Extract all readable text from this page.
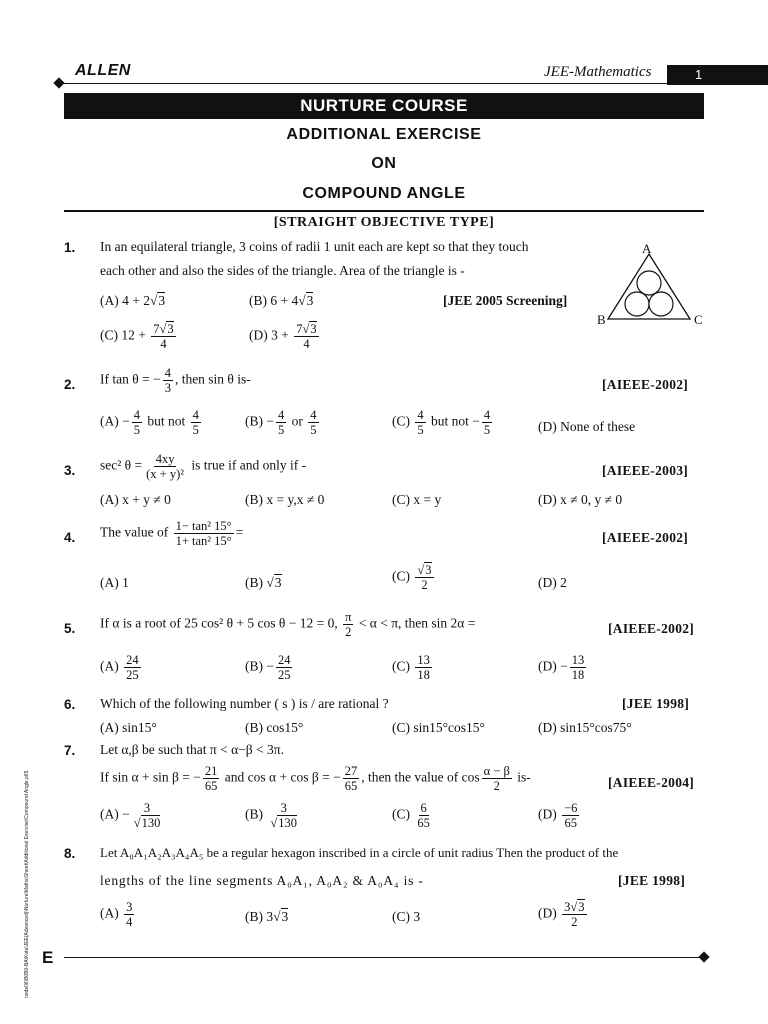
ALLEN	JEE-Mathematics	1
NURTURE COURSE
ADDITIONAL EXERCISE
ON
COMPOUND ANGLE
[STRAIGHT OBJECTIVE TYPE]
A
B	C
1. In an equilateral triangle, 3 coins of radii 1 unit each are kept so that they touch
each other and also the sides of the triangle. Area of the triangle is -
(A) 4 + 2√3	(B) 6 + 4√3	[JEE 2005 Screening]
(C) $12 + \frac{7√3}{4}$	(D) $3 + \frac{7√3}{4}$
2. If tan θ = − $\frac{4}{3}$ , then sin θ is-	[AIEEE-2002]
$(A) - \frac{4}{5}$ but not $\frac{4}{5}$	$(B) - \frac{4}{5}$ or $\frac{4}{5}$	$(C) \frac{4}{5}$ but not − $\frac{4}{5}$	(D) None of these
3. sec² $\theta = \frac{4xy}{\text{(x + y)²}}$ is true if and only if -	[AIEEE-2003]
(A) x + y ≠ 0	(B) x = y,x ≠ 0	(C) x = y	(D) x ≠ 0, y ≠ 0
4. The value of $\frac{\text{1− tan² 15°}}{\text{1+ tan² 15°}}$ =	[AIEEE-2002]
(A) 1	(B) √3	$(C) \frac{√3}{2}$	(D) 2
5. If α is a root of 25 cos² θ + 5 cos θ − 12 = 0, $\frac{\pi}{2} < \alpha < \pi$, then sin 2α =	[AIEEE-2002]
$(A) \frac{24}{25}$	$(B) - \frac{24}{25}$	$(C) \frac{13}{18}$	$(D) - \frac{13}{18}$
6. Which of the following number ( s ) is / are rational ?	[JEE 1998]
(A) sin15°	(B) cos15°	(C) sin15°cos15°	(D) sin15°cos75°
7. Let α,β be such that π < α−β < 3π.
If sin α + sin β = − $\frac{21}{65}$ and cos α + cos β = − $\frac{27}{65}$ , then the value of $\cos \frac{\alpha - \beta}{2} is-$	[AIEEE-2004]
$(A) - \frac{3}{√130}$	$(B) \frac{3}{√130}$	$(C) \frac{6}{65}$	$(D) \frac{-6}{65}$
8. Let A₀A₁A₂A₃A₄A₅ be a regular hexagon inscribed in a circle of unit radius Then the product of the
lengths of the line segments A₀A₁, A₀A₂ & A₀A₄ is -	[JEE 1998]
$(A) \frac{3}{4}$	(B) 3√3	(C) 3	$(D) \frac{3√3}{2}$
node06\B0B0-BA\Kota\JEE(Advanced)\Nurture\Maths\Sheet\Additional Exercise\Compound Angle.p65 E
